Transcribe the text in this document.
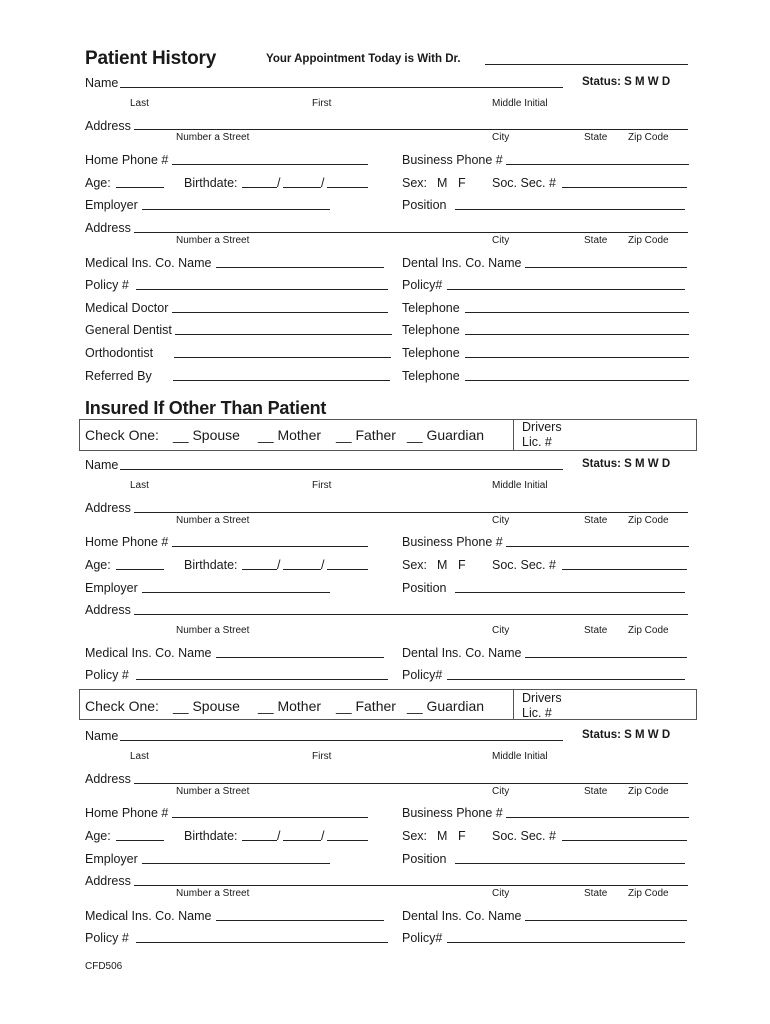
Patient History	Your Appointment Today is With Dr.
Name	Status: S M W D
Last	First	Middle Initial
Address
Number a Street	City	State Zip Code
Home Phone #	Business Phone #
Age:	Birthdate:	/	/	Sex: M F Soc. Sec. #
Employer	Position
Address
Number a Street	City	State Zip Code
Medical Ins. Co. Name	Dental Ins. Co. Name
Policy #	Policy#
Medical Doctor	Telephone
General Dentist	Telephone
Orthodontist	Telephone
Referred By	Telephone
Insured If Other Than Patient
Check One: __ Spouse __ Mother __ Father __ Guardian	Drivers
Lic. #
Name	Status: S M W D
Last	First	Middle Initial
Address
Number a Street	City	State Zip Code
Home Phone #	Business Phone #
Age:	Birthdate:	/	/	Sex: M F Soc. Sec. #
Employer	Position
Address
Number a Street	City	State Zip Code
Medical Ins. Co. Name	Dental Ins. Co. Name
Policy #	Policy#
Check One: __ Spouse __ Mother __ Father __ Guardian	Drivers
Lic. #
Name	Status: S M W D
Last	First	Middle Initial
Address
Number a Street	City	State Zip Code
Home Phone #	Business Phone #
Age:	Birthdate:	/	/	Sex: M F Soc. Sec. #
Employer	Position
Address
Number a Street	City	State Zip Code
Medical Ins. Co. Name	Dental Ins. Co. Name
Policy #	Policy#
CFD506
